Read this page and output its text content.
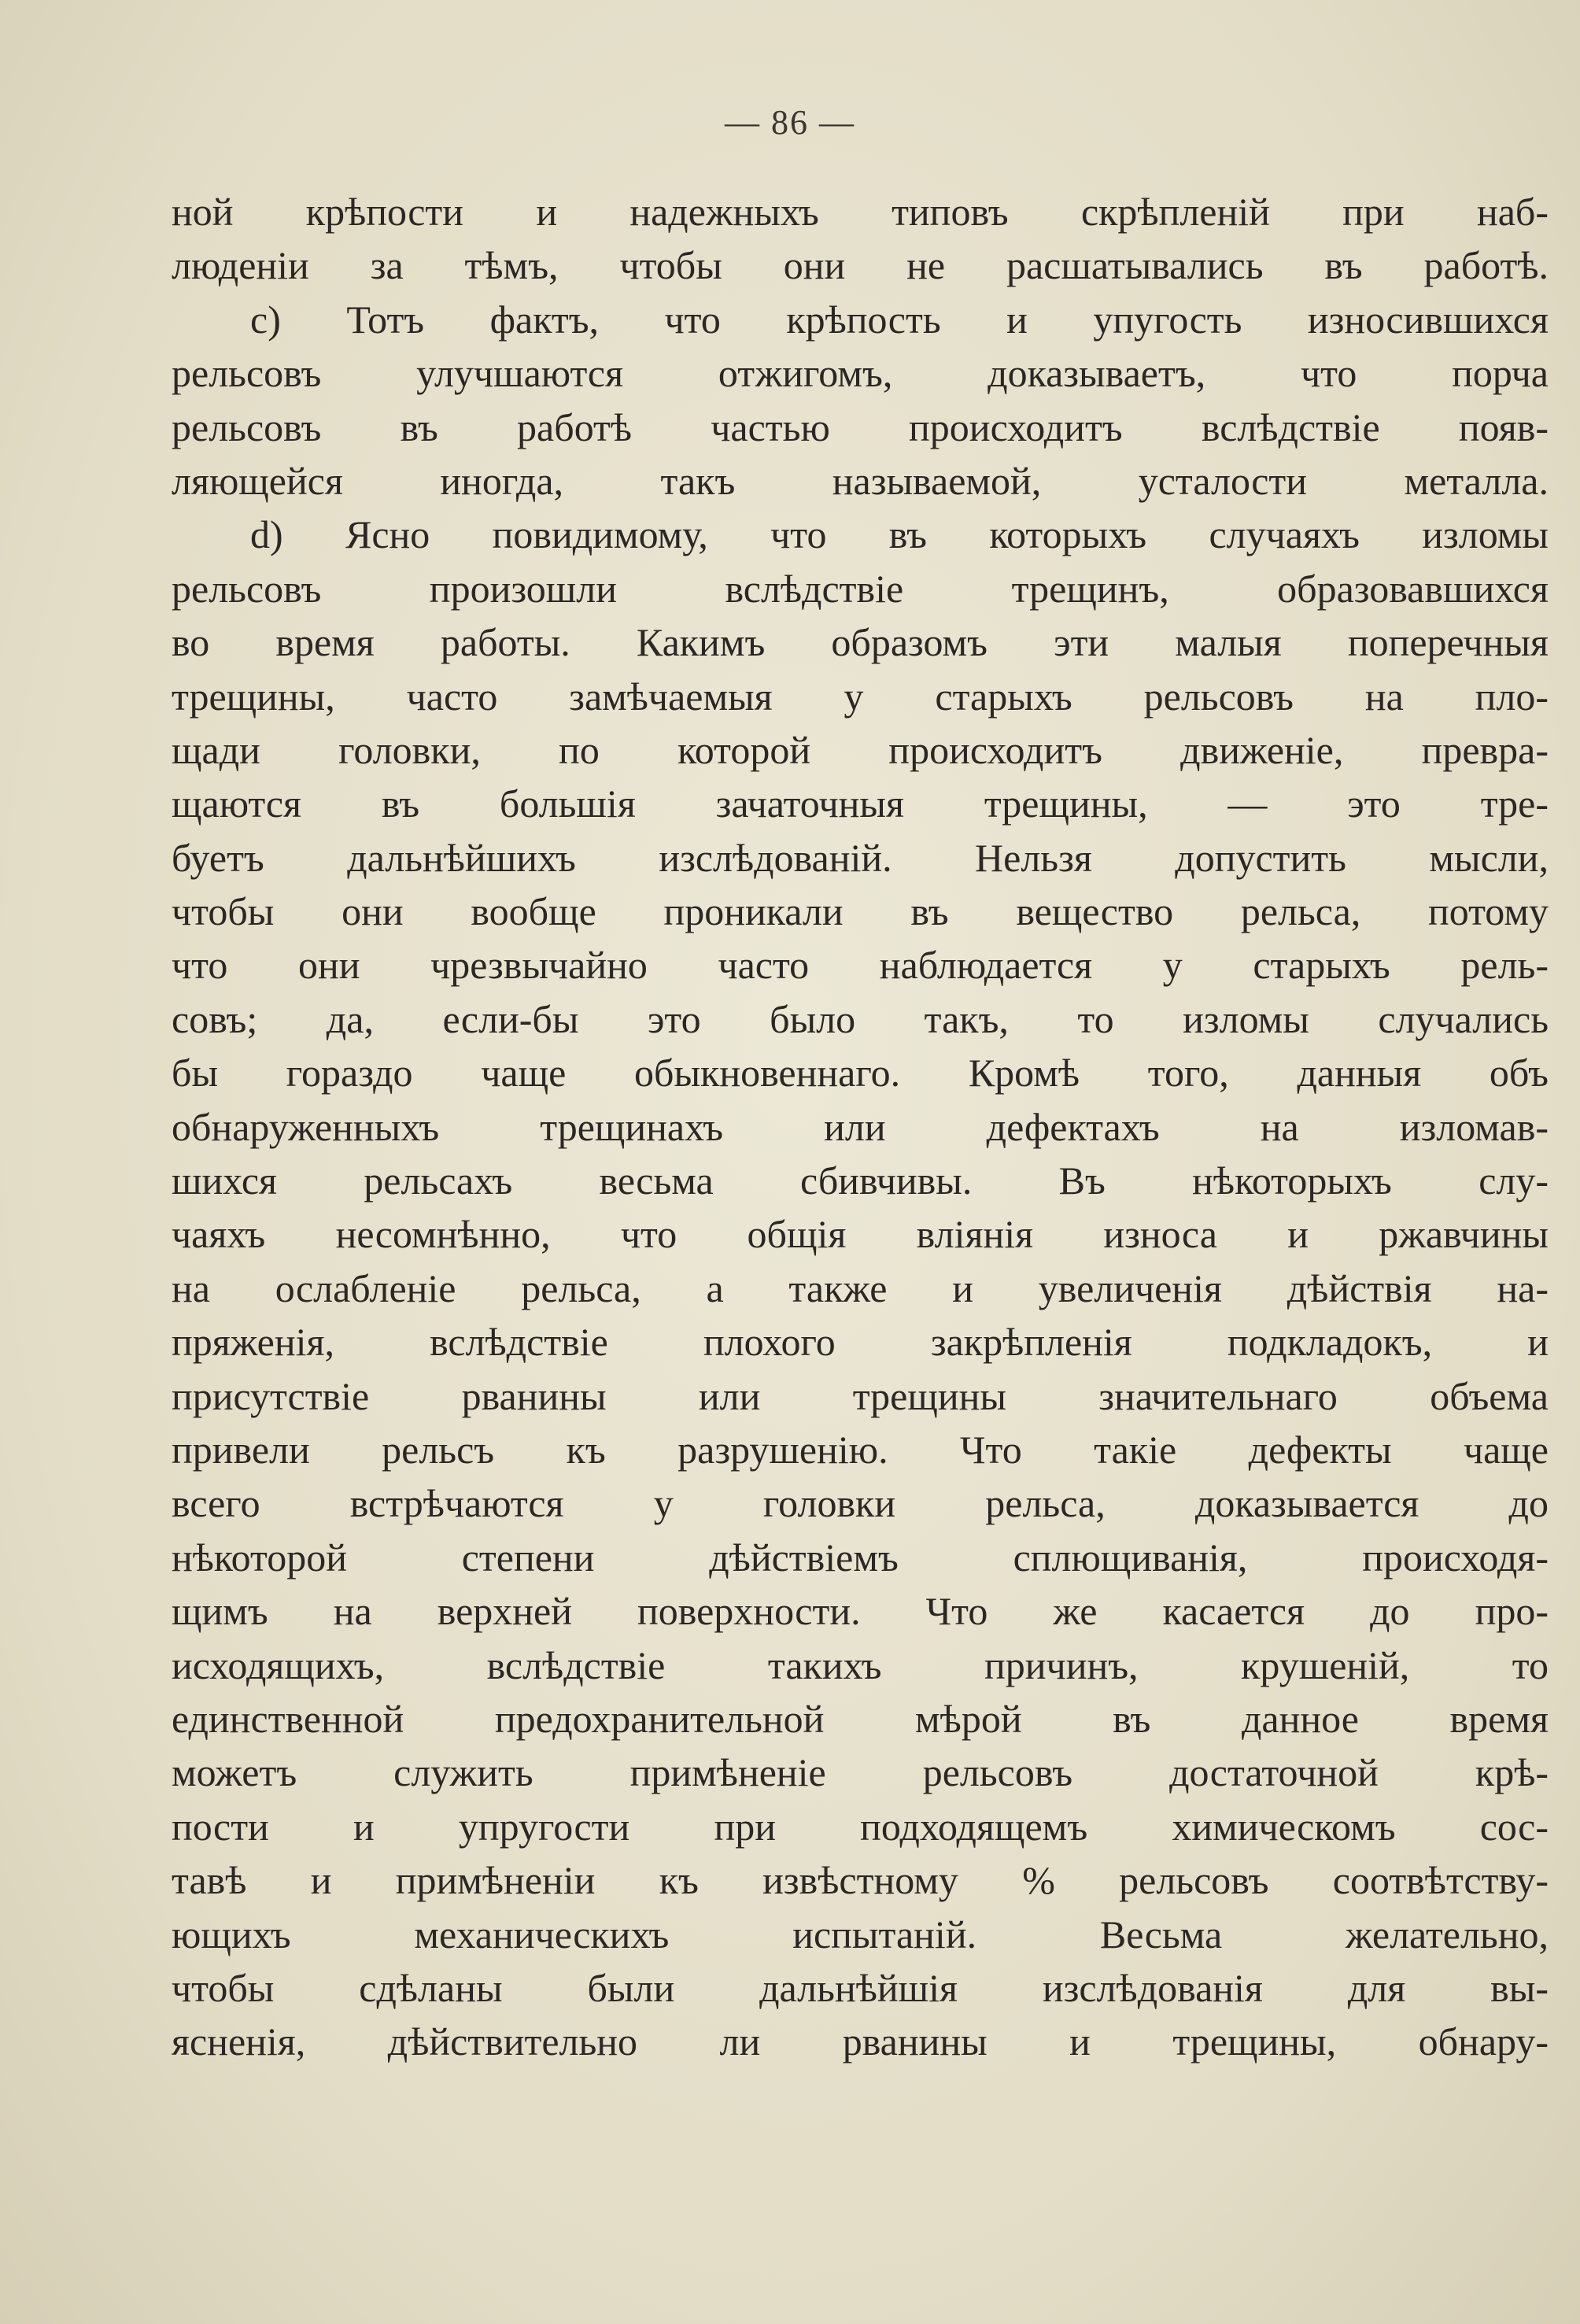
— 86 —
ной крѣпости и надежныхъ типовъ скрѣпленій при наб-
люденіи за тѣмъ, чтобы они не расшатывались въ работѣ.
c) Тотъ фактъ, что крѣпость и упугость износившихся
рельсовъ улучшаются отжигомъ, доказываетъ, что порча
рельсовъ въ работѣ частью происходитъ вслѣдствіе появ-
ляющейся иногда, такъ называемой, усталости металла.
d) Ясно повидимому, что въ которыхъ случаяхъ изломы
рельсовъ произошли вслѣдствіе трещинъ, образовавшихся
во время работы. Какимъ образомъ эти малыя поперечныя
трещины, часто замѣчаемыя у старыхъ рельсовъ на пло-
щади головки, по которой происходитъ движеніе, превра-
щаются въ большія зачаточныя трещины, — это тре-
буетъ дальнѣйшихъ изслѣдованій. Нельзя допустить мысли,
чтобы они вообще проникали въ вещество рельса, потому
что они чрезвычайно часто наблюдается у старыхъ рель-
совъ; да, если-бы это было такъ, то изломы случались
бы гораздо чаще обыкновеннаго. Кромѣ того, данныя объ
обнаруженныхъ трещинахъ или дефектахъ на изломав-
шихся рельсахъ весьма сбивчивы. Въ нѣкоторыхъ слу-
чаяхъ несомнѣнно, что общія вліянія износа и ржавчины
на ослабленіе рельса, а также и увеличенія дѣйствія на-
пряженія, вслѣдствіе плохого закрѣпленія подкладокъ, и
присутствіе рванины или трещины значительнаго объема
привели рельсъ къ разрушенію. Что такіе дефекты чаще
всего встрѣчаются у головки рельса, доказывается до
нѣкоторой степени дѣйствіемъ сплющиванія, происходя-
щимъ на верхней поверхности. Что же касается до про-
исходящихъ, вслѣдствіе такихъ причинъ, крушеній, то
единственной предохранительной мѣрой въ данное время
можетъ служить примѣненіе рельсовъ достаточной крѣ-
пости и упругости при подходящемъ химическомъ сос-
тавѣ и примѣненіи къ извѣстному % рельсовъ соотвѣтству-
ющихъ механическихъ испытаній. Весьма желательно,
чтобы сдѣланы были дальнѣйшія изслѣдованія для вы-
ясненія, дѣйствительно ли рванины и трещины, обнару-
